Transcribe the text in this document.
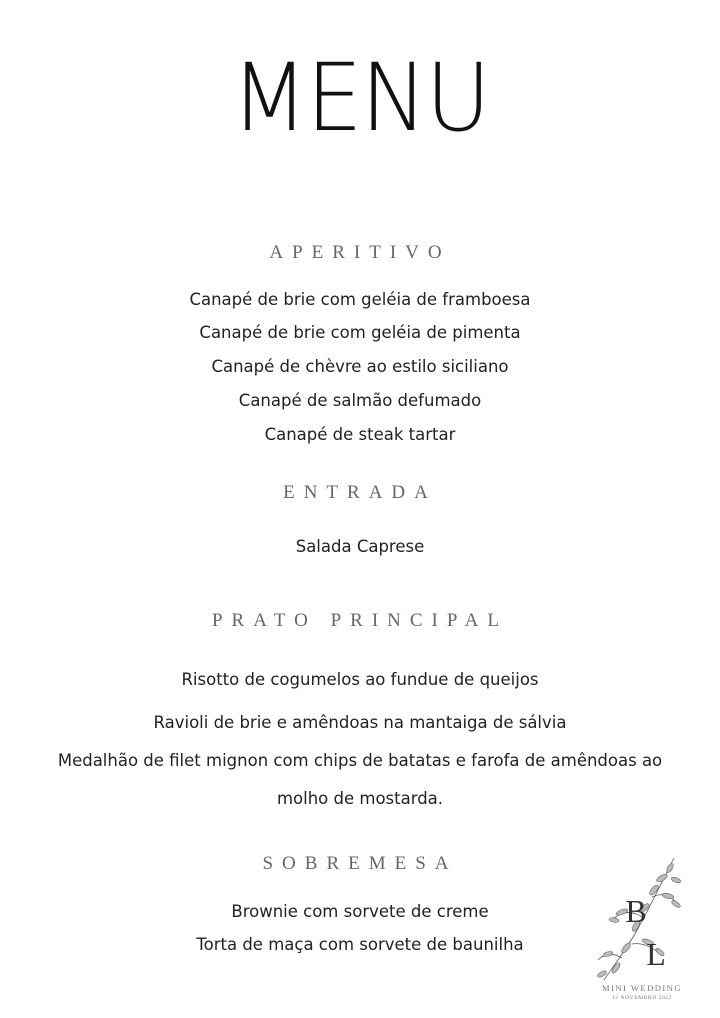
MENU
APERITIVO
Canapé de brie com geléia de framboesa
Canapé de brie com geléia de pimenta
Canapé de chèvre ao estilo siciliano
Canapé de salmão defumado
Canapé de steak tartar
ENTRADA
Salada Caprese
PRATO PRINCIPAL
Risotto de cogumelos ao fundue de queijos
Ravioli de brie e amêndoas na mantaiga de sálvia
Medalhão de filet mignon com chips de batatas e farofa de amêndoas ao molho de mostarda.
SOBREMESA
Brownie com sorvete de creme
Torta de maça com sorvete de baunilha
B
L
MINI WEDDING
12 NOVEMBRO 2022
